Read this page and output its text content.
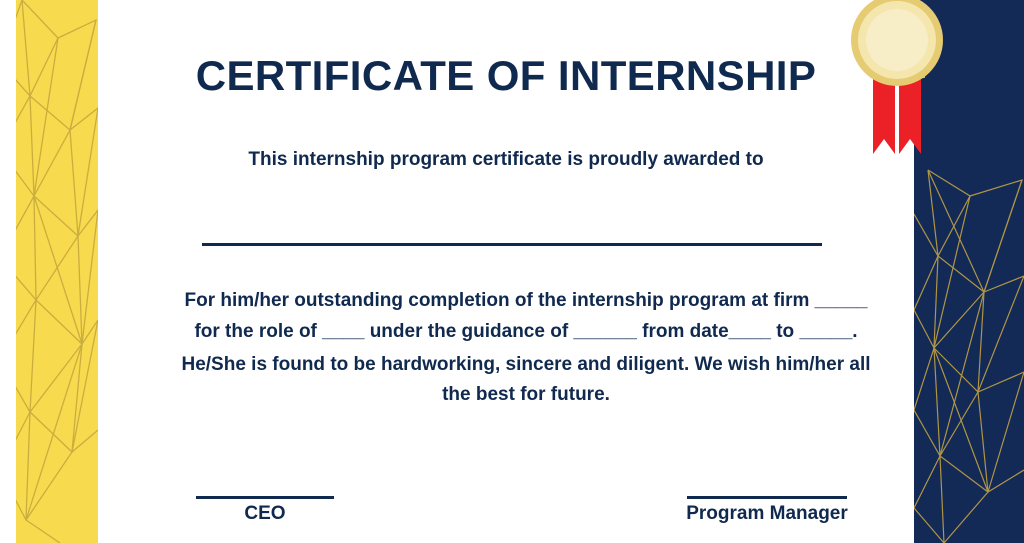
CERTIFICATE OF INTERNSHIP
This internship program certificate is proudly awarded to
For him/her outstanding completion of the internship program at firm _____ for the role of ____ under the guidance of ______ from date____ to _____.
He/She is found to be hardworking, sincere and diligent. We wish him/her all the best for future.
CEO	Program Manager
